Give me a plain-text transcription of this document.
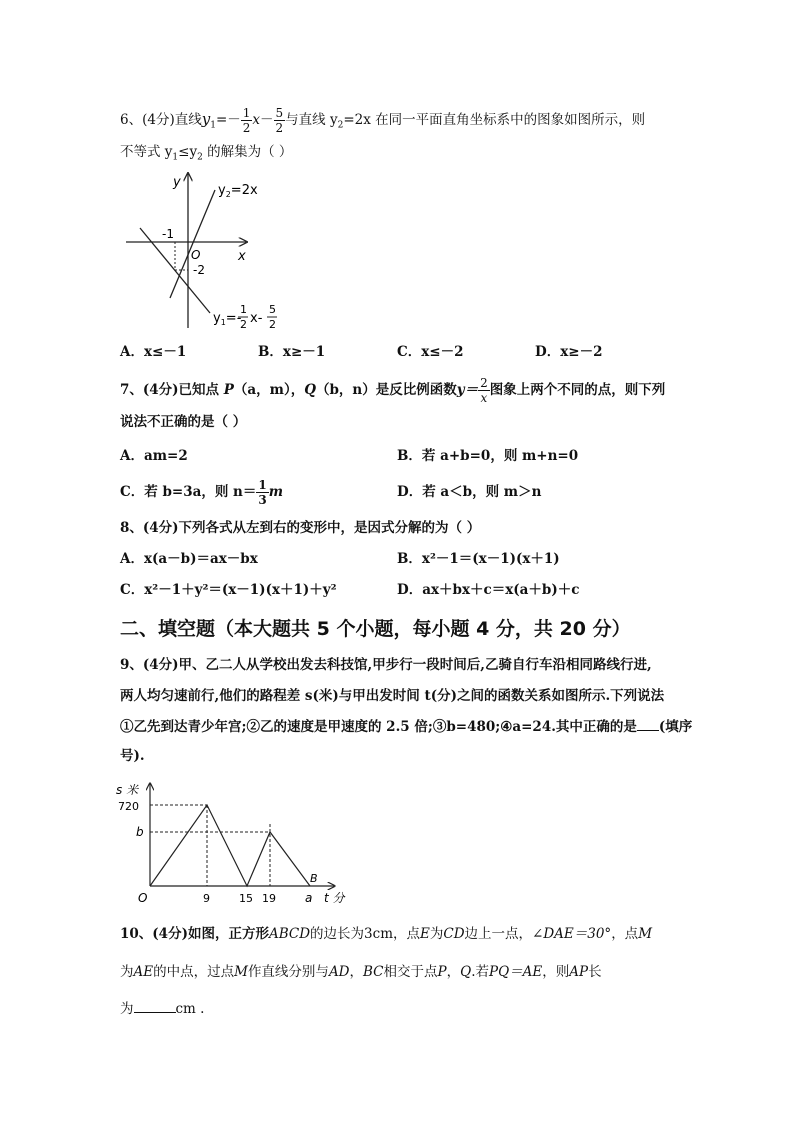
6、(4分)直线$y_1=- \frac{1}{2} x- \frac{5}{2}$ 与直线 $y_2=2x$ 在同一平面直角坐标系中的图象如图所示，则
不等式 $y_1\le y_2$ 的解集为（ ）
y
x
O
-1
-2
$y_2=2x$
$y_1=-$
1
2 x-
5
2
A．x≤－1	B．x≥－1	C．x≤－2	D．x≥－2
7、(4分)已知点 P（a，m），Q（b，n）是反比例函数$y= \frac{2}{x}$ 图象上两个不同的点，则下列
说法不正确的是（ ）
A．am=2	B．若 a+b=0，则 m+n=0
C．若 b=3a，则 $n= \frac{1}{3}$ m	D．若 a＜b，则 m＞n
8、(4分)下列各式从左到右的变形中，是因式分解的为（ ）
A．x(a－b)＝ax－bx	B．x²－1＝(x－1)(x＋1)
C．x²－1＋y²＝(x－1)(x＋1)＋y²	D．ax＋bx＋c＝x(a＋b)＋c
二、填空题（本大题共 5 个小题，每小题 4 分，共 20 分）
9、(4分)甲、乙二人从学校出发去科技馆,甲步行一段时间后,乙骑自行车沿相同路线行进,
两人均匀速前行,他们的路程差 s(米)与甲出发时间 t(分)之间的函数关系如图所示.下列说法
①乙先到达青少年宫;②乙的速度是甲速度的 2.5 倍;③b=480;④a=24.其中正确的是 (填序
号).
s 米
720
b
O	9	15 19 a t 分
B
10、(4分)如图，正方形ABCD的边长为3cm，点E为CD边上一点，∠DAE＝30°，点M
为AE的中点，过点M作直线分别与AD，BC相交于点P，Q.若PQ＝AE，则AP长
为	cm .
